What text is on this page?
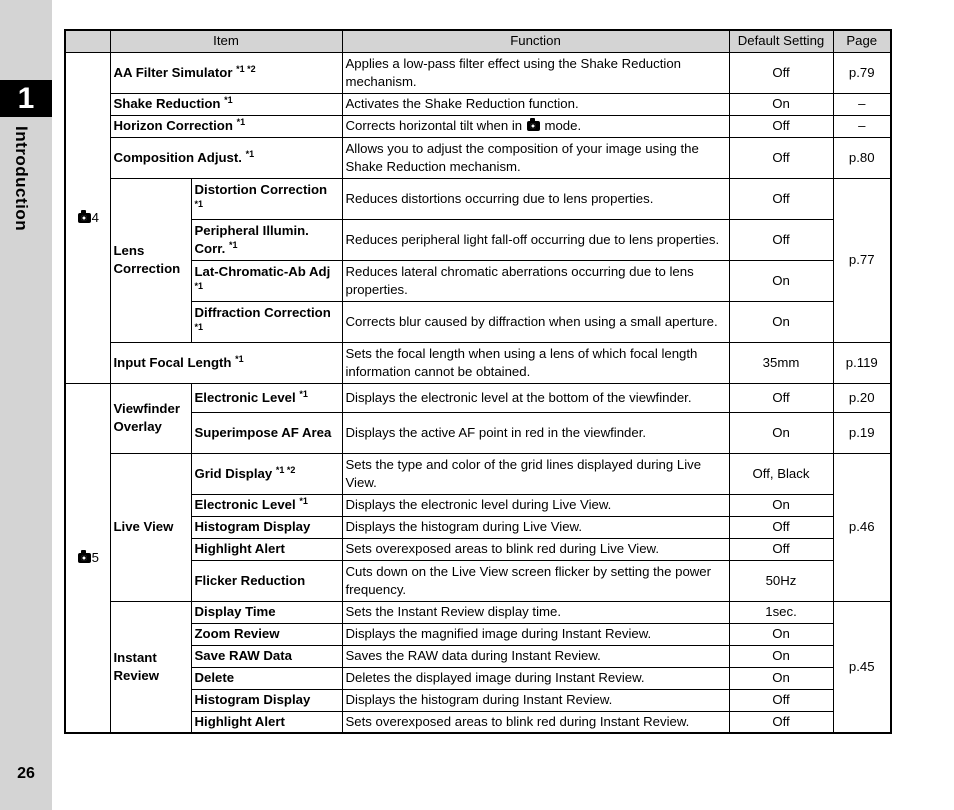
1
Introduction
26
	Item		Function	Default Setting	Page
4	AA Filter Simulator $^{*1 *2}$		Applies a low-pass filter effect using the Shake Reduction mechanism.	Off	p.79
	Shake Reduction $^{*1}$		Activates the Shake Reduction function.	On	–
	Horizon Correction $^{*1}$		Corrects horizontal tilt when in  mode.	Off	–
	Composition Adjust. $^{*1}$		Allows you to adjust the composition of your image using the Shake Reduction mechanism.	Off	p.80
	Lens Correction	Distortion Correction $^{*1}$	Reduces distortions occurring due to lens properties.	Off	p.77
		Peripheral Illumin. Corr. $^{*1}$	Reduces peripheral light fall-off occurring due to lens properties.	Off	
		Lat-Chromatic-Ab Adj $^{*1}$	Reduces lateral chromatic aberrations occurring due to lens properties.	On	
		Diffraction Correction $^{*1}$	Corrects blur caused by diffraction when using a small aperture.	On	
	Input Focal Length $^{*1}$		Sets the focal length when using a lens of which focal length information cannot be obtained.	35mm	p.119
5	Viewfinder Overlay	Electronic Level $^{*1}$	Displays the electronic level at the bottom of the viewfinder.	Off	p.20
		Superimpose AF Area	Displays the active AF point in red in the viewfinder.	On	p.19
	Live View	Grid Display $^{*1 *2}$	Sets the type and color of the grid lines displayed during Live View.	Off, Black	p.46
		Electronic Level $^{*1}$	Displays the electronic level during Live View.	On	
		Histogram Display	Displays the histogram during Live View.	Off	
		Highlight Alert	Sets overexposed areas to blink red during Live View.	Off	
		Flicker Reduction	Cuts down on the Live View screen flicker by setting the power frequency.	50Hz	
	Instant Review	Display Time	Sets the Instant Review display time.	1sec.	p.45
		Zoom Review	Displays the magnified image during Instant Review.	On	
		Save RAW Data	Saves the RAW data during Instant Review.	On	
		Delete	Deletes the displayed image during Instant Review.	On	
		Histogram Display	Displays the histogram during Instant Review.	Off	
		Highlight Alert	Sets overexposed areas to blink red during Instant Review.	Off	
